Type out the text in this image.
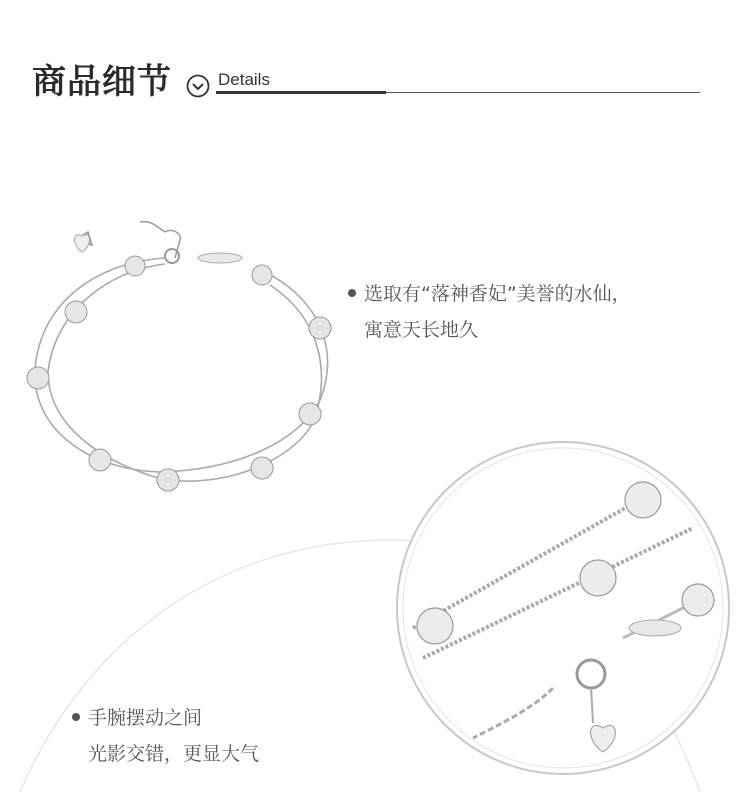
商品细节	Details
选取有“落神香妃”美誉的水仙，
寓意天长地久
手腕摆动之间
光影交错，更显大气
